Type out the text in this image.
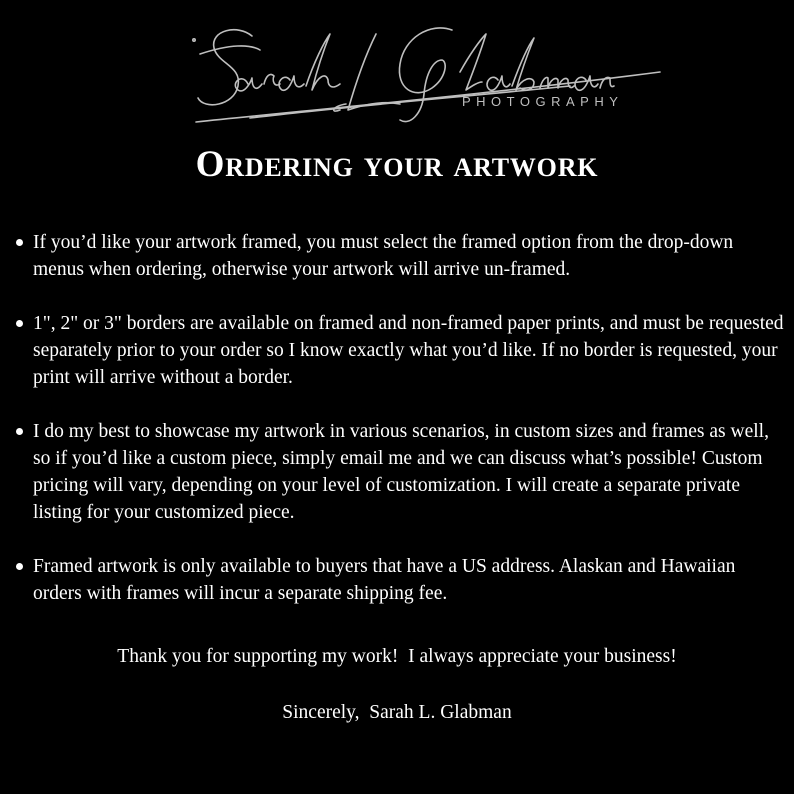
PHOTOGRAPHY
Ordering your artwork
If you’d like your artwork framed, you must select the framed option from the drop-down menus when ordering, otherwise your artwork will arrive un-framed.
1", 2" or 3" borders are available on framed and non-framed paper prints, and must be requested separately prior to your order so I know exactly what you’d like. If no border is requested, your print will arrive without a border.
I do my best to showcase my artwork in various scenarios, in custom sizes and frames as well, so if you’d like a custom piece, simply email me and we can discuss what’s possible! Custom pricing will vary, depending on your level of customization. I will create a separate private listing for your customized piece.
Framed artwork is only available to buyers that have a US address. Alaskan and Hawaiian orders with frames will incur a separate shipping fee.

Thank you for supporting my work!  I always appreciate your business!

Sincerely,  Sarah L. Glabman
